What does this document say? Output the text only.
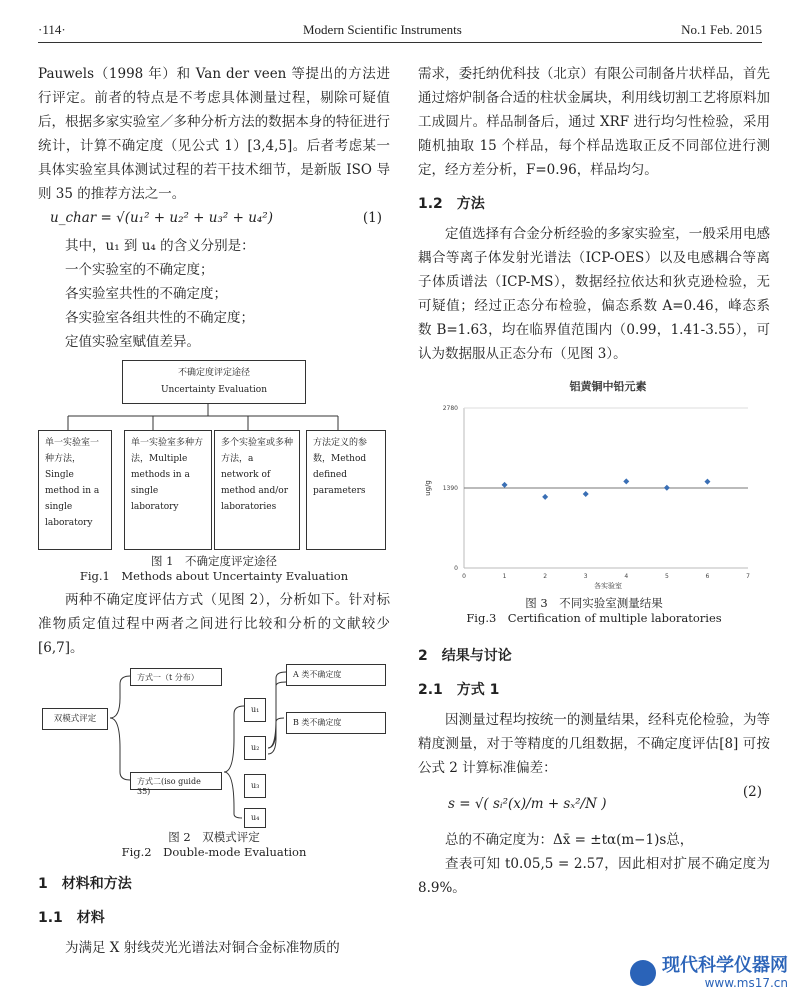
·114·	Modern Scientific Instruments	No.1 Feb. 2015

Pauwels（1998 年）和 Van der veen 等提出的方法进行评定。前者的特点是不考虑具体测量过程，剔除可疑值后，根据多家实验室／多种分析方法的数据本身的特征进行统计，计算不确定度（见公式 1）[3,4,5]。后者考虑某一具体实验室具体测试过程的若干技术细节，是新版 ISO 导则 35 的推荐方法之一。

u_char = √(u₁² + u₂² + u₃² + u₄²)	(1)

其中，u₁ 到 u₄ 的含义分别是：

一个实验室的不确定度；

各实验室共性的不确定度；

各实验室各组共性的不确定度；

定值实验室赋值差异。

不确定度评定途径
Uncertainty Evaluation
单一实验室一种方法，Single method in a single laboratory
单一实验室多种方法，Multiple methods in a single laboratory
多个实验室或多种方法，a network of method and/or laboratories
方法定义的参数，Method defined parameters
图 1　不确定度评定途径
Fig.1　Methods about Uncertainty Evaluation

两种不确定度评估方式（见图 2），分析如下。针对标准物质定值过程中两者之间进行比较和分析的文献较少[6,7]。

双模式评定
方式一（t 分布）
方式二(iso guide 35)
u₁
u₂
u₃
u₄
A 类不确定度
B 类不确定度
图 2　双模式评定
Fig.2　Double-mode Evaluation
1　材料和方法
1.1　材料

为满足 X 射线荧光光谱法对铜合金标准物质的

需求，委托纳优科技（北京）有限公司制备片状样品，首先通过熔炉制备合适的柱状金属块，利用线切割工艺将原料加工成圆片。样品制备后，通过 XRF 进行均匀性检验，采用随机抽取 15 个样品，每个样品选取正反不同部位进行测定，经方差分析，F=0.96，样品均匀。

1.2　方法

定值选择有合金分析经验的多家实验室，一般采用电感耦合等离子体发射光谱法（ICP-OES）以及电感耦合等离子体质谱法（ICP-MS），数据经拉依达和狄克逊检验，无可疑值；经过正态分布检验，偏态系数 A=0.46，峰态系数 B=1.63，均在临界值范围内（0.99，1.41-3.55），可认为数据服从正态分布（见图 3）。

铝黄铜中铅元素
ug/g
各实验室
0
1390
2780
0	1	2	3	4	5	6	7
图 3　不同实验室测量结果
Fig.3　Certification of multiple laboratories
2　结果与讨论
2.1　方式 1

因测量过程均按统一的测量结果，经科克伦检验，为等精度测量，对于等精度的几组数据，不确定度评估[8] 可按公式 2 计算标准偏差：

s = √( sᵢ²(x)/m + sₓ²/N )
(2)

总的不确定度为：Δx̄ = ±tα(m−1)s总，

查表可知 t0.05,5 = 2.57，因此相对扩展不确定度为 8.9%。

现代科学仪器网
www.ms17.cn
